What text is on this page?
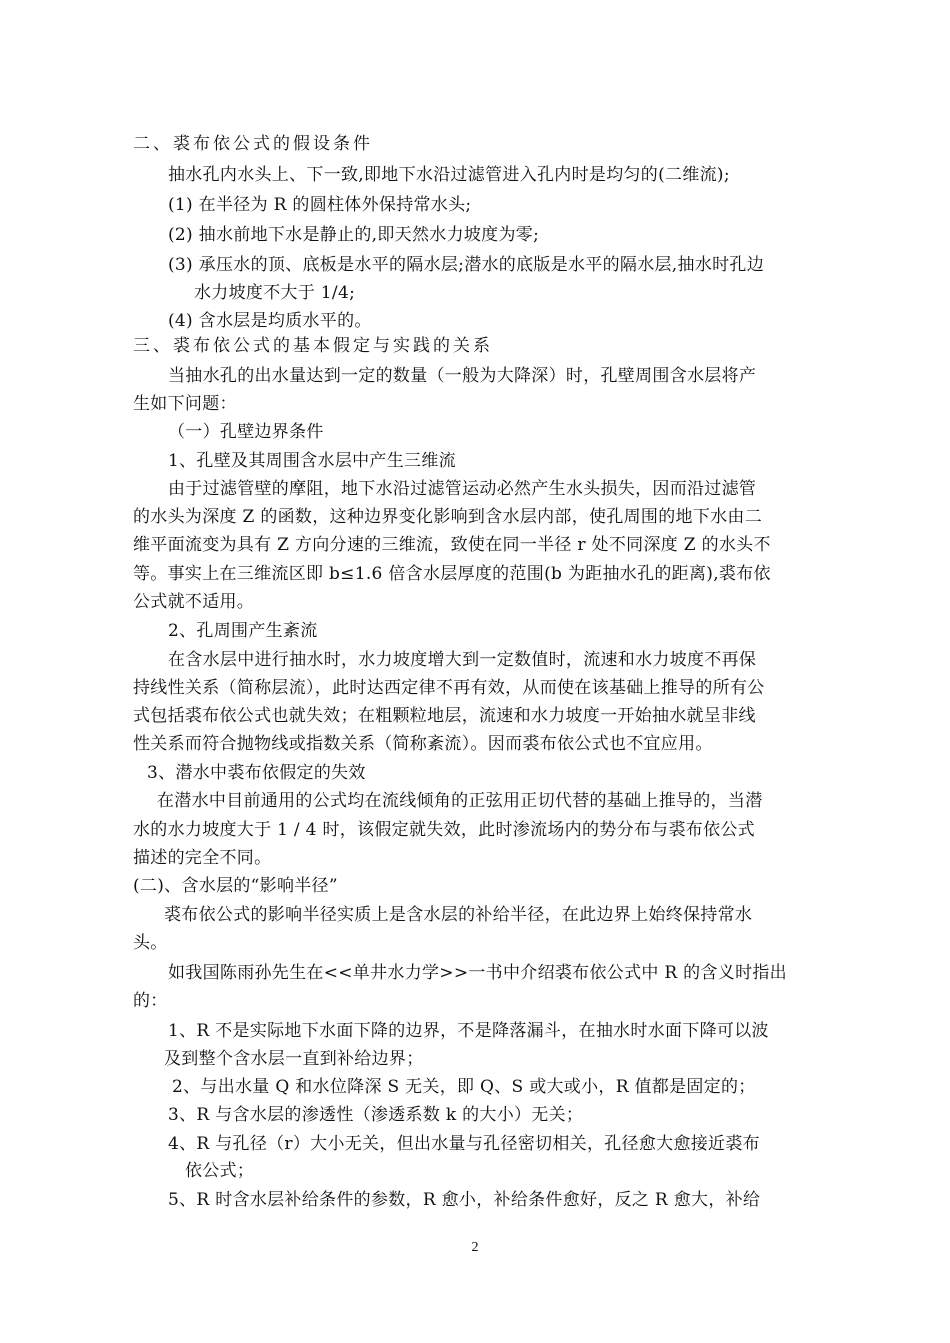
二、裘布依公式的假设条件
抽水孔内水头上、下一致,即地下水沿过滤管进入孔内时是均匀的(二维流);
(1) 在半径为 R 的圆柱体外保持常水头;
(2) 抽水前地下水是静止的,即天然水力坡度为零;
(3) 承压水的顶、底板是水平的隔水层;潜水的底版是水平的隔水层,抽水时孔边
水力坡度不大于 1/4;
(4) 含水层是均质水平的。
三、裘布依公式的基本假定与实践的关系
当抽水孔的出水量达到一定的数量（一般为大降深）时，孔壁周围含水层将产
生如下问题：
（一）孔壁边界条件
1、孔壁及其周围含水层中产生三维流
由于过滤管壁的摩阻，地下水沿过滤管运动必然产生水头损失，因而沿过滤管
的水头为深度 Z 的函数，这种边界变化影响到含水层内部，使孔周围的地下水由二
维平面流变为具有 Z 方向分速的三维流，致使在同一半径 r 处不同深度 Z 的水头不
等。事实上在三维流区即 b≤1.6 倍含水层厚度的范围(b 为距抽水孔的距离),裘布依
公式就不适用。
2、孔周围产生紊流
在含水层中进行抽水时，水力坡度增大到一定数值时，流速和水力坡度不再保
持线性关系（简称层流），此时达西定律不再有效，从而使在该基础上推导的所有公
式包括裘布依公式也就失效；在粗颗粒地层，流速和水力坡度一开始抽水就呈非线
性关系而符合抛物线或指数关系（简称紊流）。因而裘布依公式也不宜应用。
3、潜水中裘布依假定的失效
在潜水中目前通用的公式均在流线倾角的正弦用正切代替的基础上推导的，当潜
水的水力坡度大于 1 / 4 时，该假定就失效，此时渗流场内的势分布与裘布依公式
描述的完全不同。
(二)、含水层的“影响半径”
裘布依公式的影响半径实质上是含水层的补给半径，在此边界上始终保持常水
头。
如我国陈雨孙先生在<<单井水力学>>一书中介绍裘布依公式中 R 的含义时指出
的：
1、R 不是实际地下水面下降的边界，不是降落漏斗，在抽水时水面下降可以波
及到整个含水层一直到补给边界；
2、与出水量 Q 和水位降深 S 无关，即 Q、S 或大或小，R 值都是固定的；
3、R 与含水层的渗透性（渗透系数 k 的大小）无关；
4、R 与孔径（r）大小无关，但出水量与孔径密切相关，孔径愈大愈接近裘布
依公式；
5、R 时含水层补给条件的参数，R 愈小，补给条件愈好，反之 R 愈大，补给
2
